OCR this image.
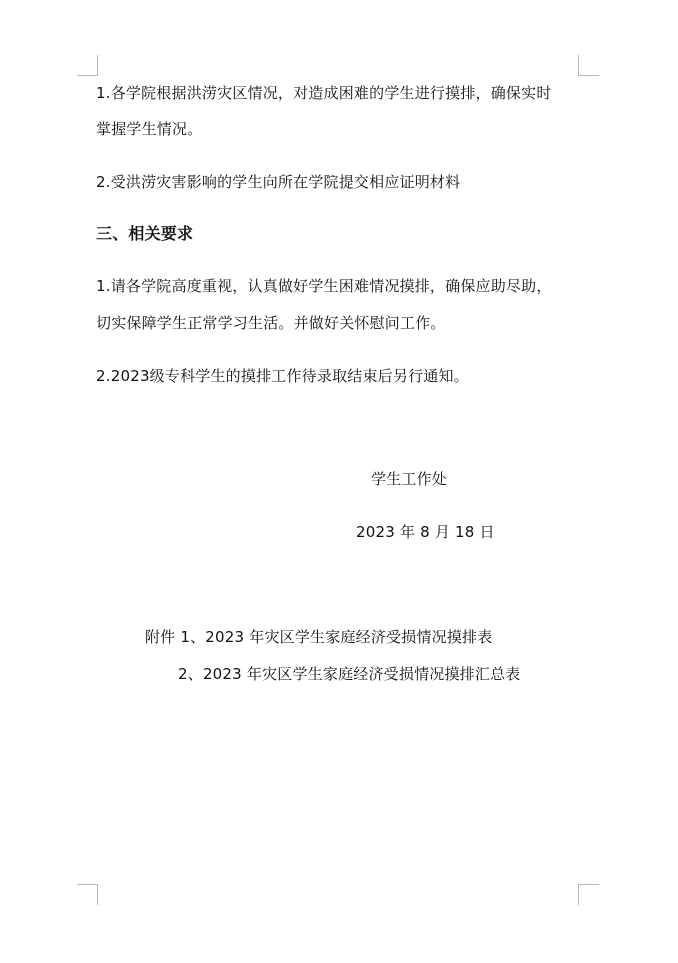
1.各学院根据洪涝灾区情况，对造成困难的学生进行摸排，确保实时
掌握学生情况。
2.受洪涝灾害影响的学生向所在学院提交相应证明材料
三、相关要求
1.请各学院高度重视，认真做好学生困难情况摸排，确保应助尽助，
切实保障学生正常学习生活。并做好关怀慰问工作。
2.2023级专科学生的摸排工作待录取结束后另行通知。
学生工作处
2023 年 8 月 18 日
附件 1、2023 年灾区学生家庭经济受损情况摸排表
2、2023 年灾区学生家庭经济受损情况摸排汇总表
